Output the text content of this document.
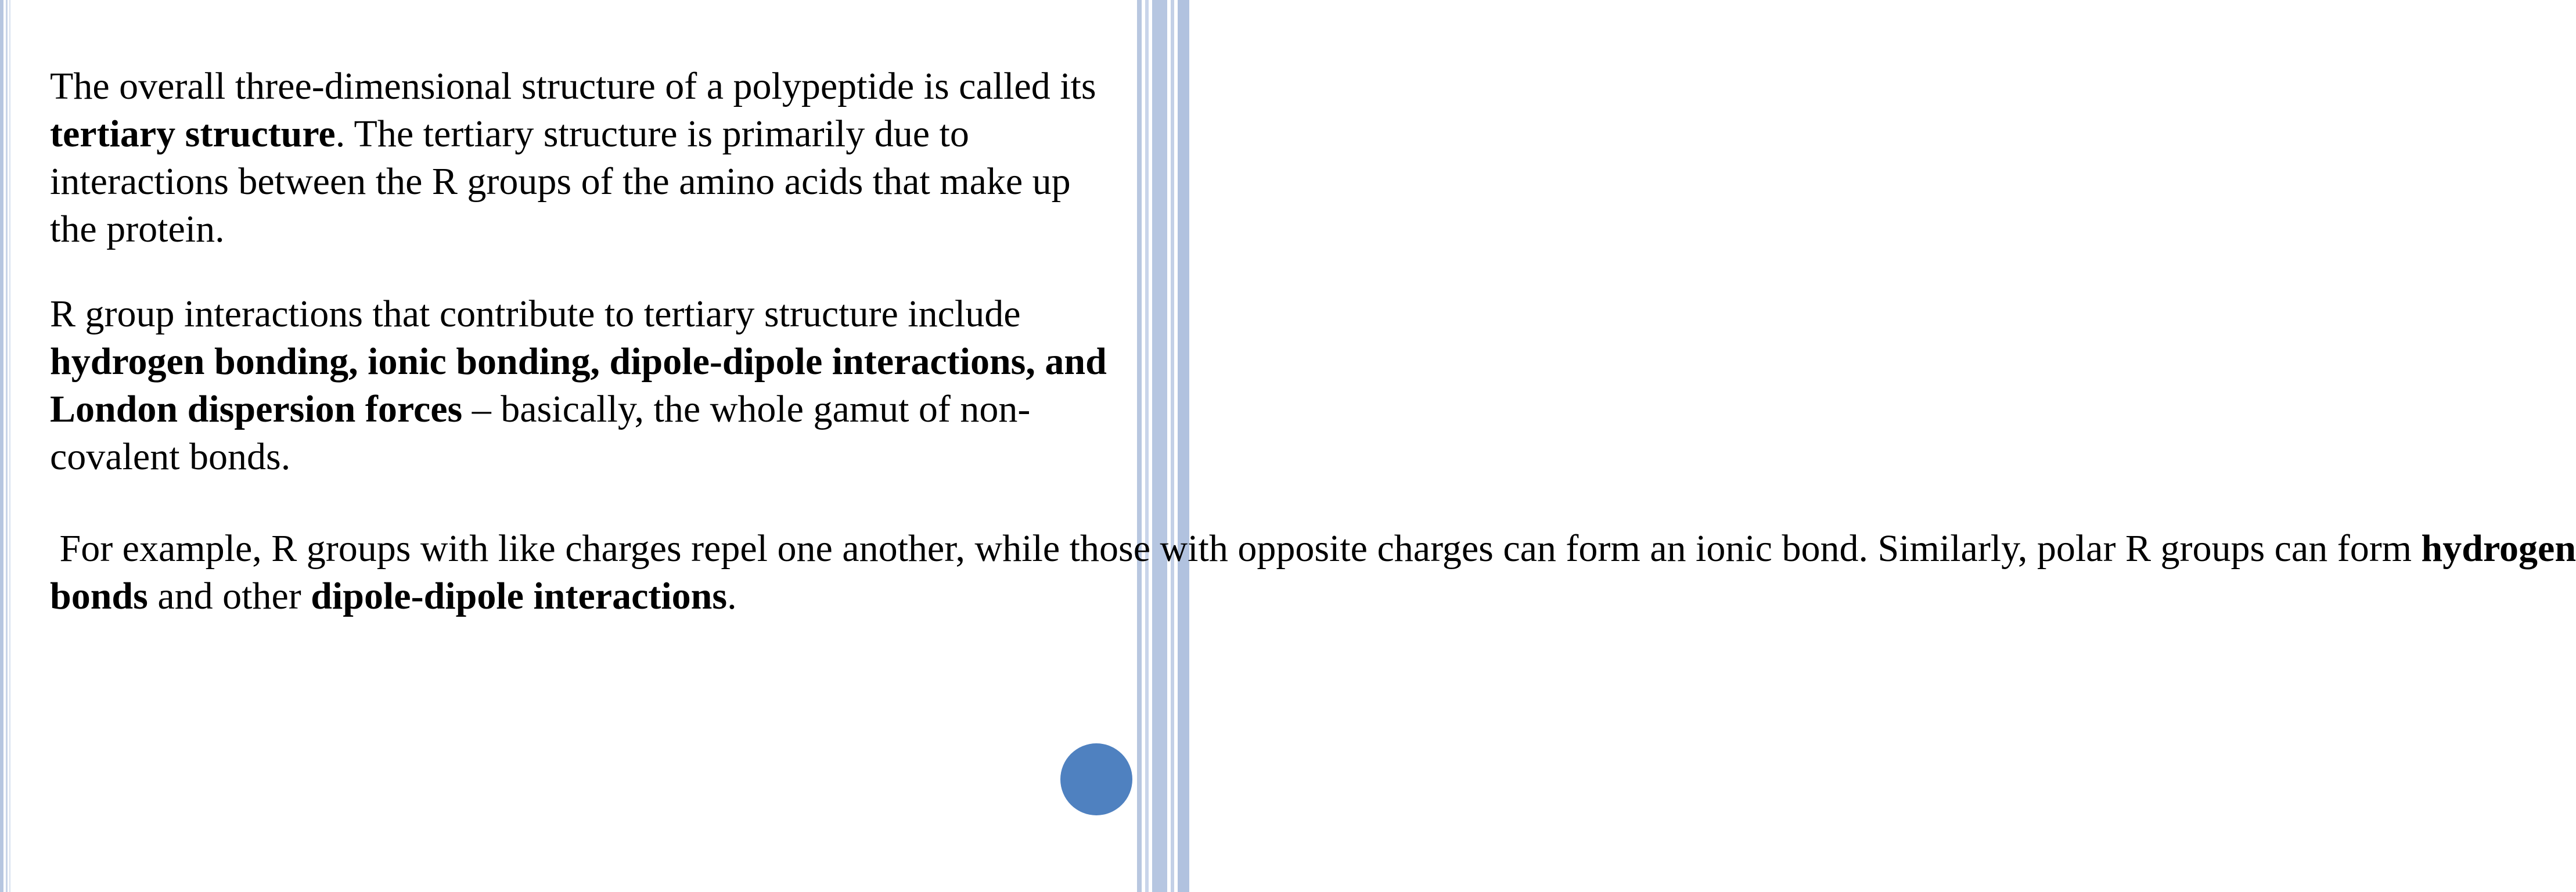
The overall three-dimensional structure of a polypeptide is called its tertiary structure. The tertiary structure is primarily due to interactions between the R groups of the amino acids that make up the protein.

R group interactions that contribute to tertiary structure include hydrogen bonding, ionic bonding, dipole-dipole interactions, and London dispersion forces – basically, the whole gamut of non-covalent bonds.

For example, R groups with like charges repel one another, while those with opposite charges can form an ionic bond. Similarly, polar R groups can form hydrogen bonds and other dipole-dipole interactions.
